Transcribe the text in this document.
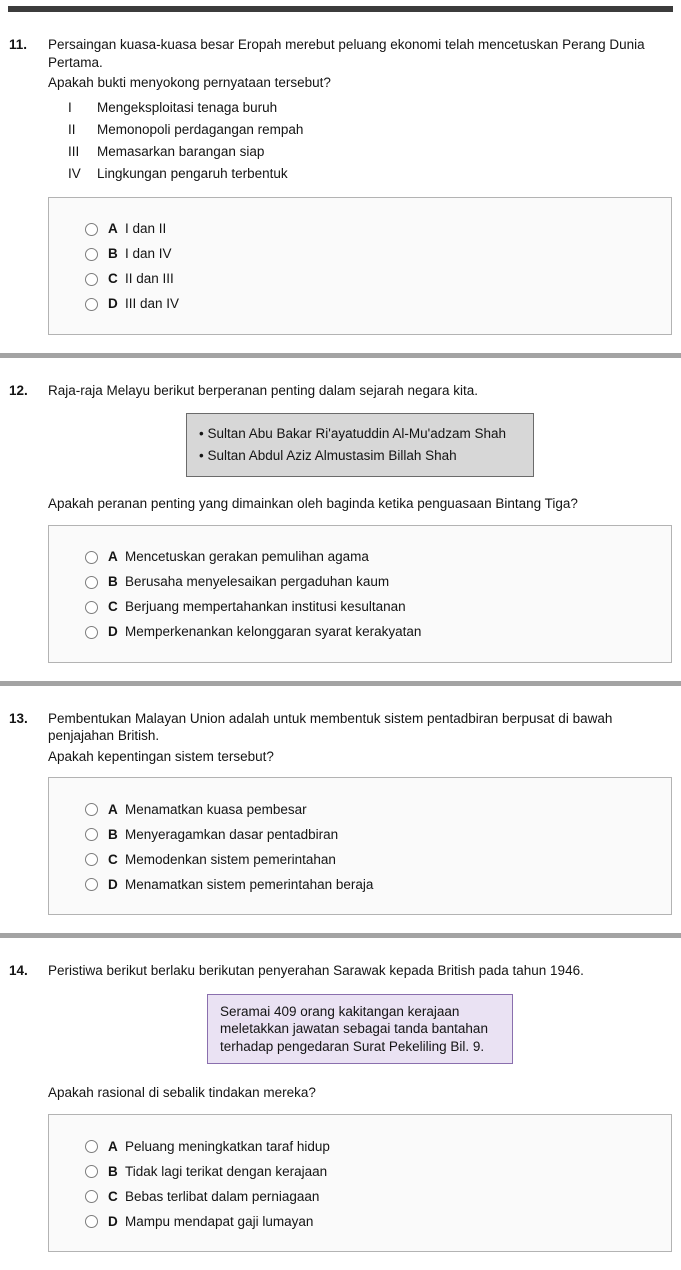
11.	Persaingan kuasa-kuasa besar Eropah merebut peluang ekonomi telah mencetuskan Perang Dunia Pertama.
Apakah bukti menyokong pernyataan tersebut?
I	Mengeksploitasi tenaga buruh
II	Memonopoli perdagangan rempah
III	Memasarkan barangan siap
IV	Lingkungan pengaruh terbentuk
A I dan II
B I dan IV
C II dan III
D III dan IV
12.	Raja-raja Melayu berikut berperanan penting dalam sejarah negara kita.
• Sultan Abu Bakar Ri'ayatuddin Al-Mu'adzam Shah
• Sultan Abdul Aziz Almustasim Billah Shah
Apakah peranan penting yang dimainkan oleh baginda ketika penguasaan Bintang Tiga?
A Mencetuskan gerakan pemulihan agama
B Berusaha menyelesaikan pergaduhan kaum
C Berjuang mempertahankan institusi kesultanan
D Memperkenankan kelonggaran syarat kerakyatan
13.	Pembentukan Malayan Union adalah untuk membentuk sistem pentadbiran berpusat di bawah penjajahan British.
Apakah kepentingan sistem tersebut?
A Menamatkan kuasa pembesar
B Menyeragamkan dasar pentadbiran
C Memodenkan sistem pemerintahan
D Menamatkan sistem pemerintahan beraja
14.	Peristiwa berikut berlaku berikutan penyerahan Sarawak kepada British pada tahun 1946.
Seramai 409 orang kakitangan kerajaan
meletakkan jawatan sebagai tanda bantahan
terhadap pengedaran Surat Pekeliling Bil. 9.
Apakah rasional di sebalik tindakan mereka?
A Peluang meningkatkan taraf hidup
B Tidak lagi terikat dengan kerajaan
C Bebas terlibat dalam perniagaan
D Mampu mendapat gaji lumayan
